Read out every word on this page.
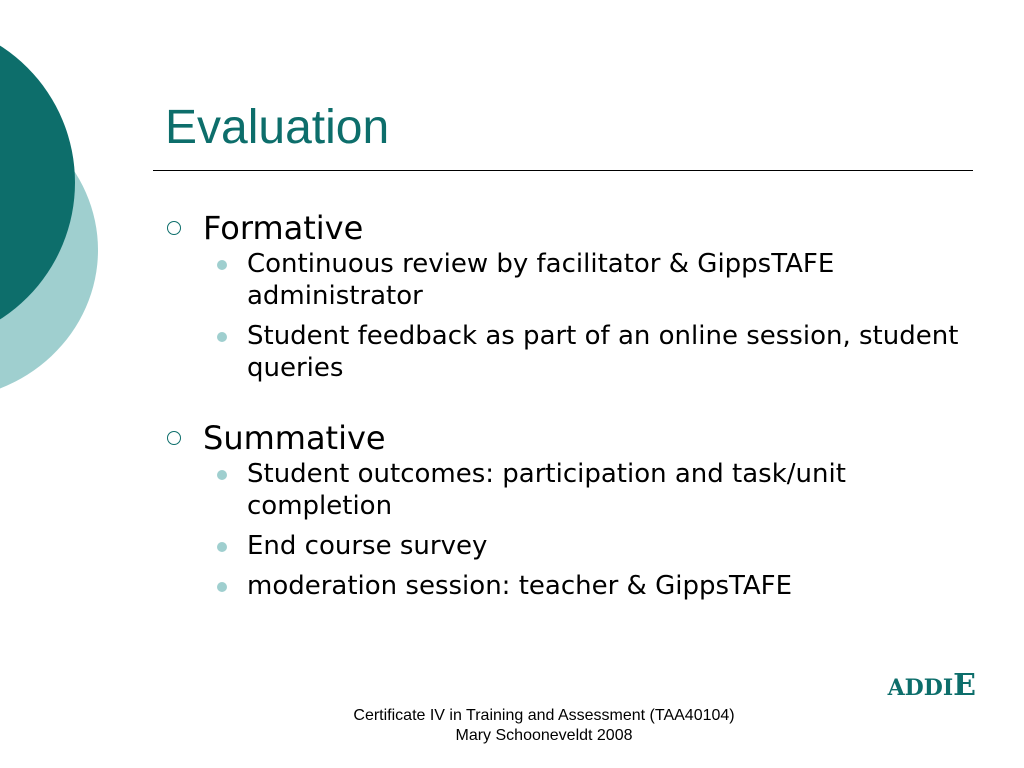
Evaluation
Formative
Continuous review by facilitator & GippsTAFE administrator
Student feedback as part of an online session, student queries
Summative
Student outcomes: participation and task/unit completion
End course survey
moderation session: teacher & GippsTAFE
ADDIE
Certificate IV in Training and Assessment (TAA40104)
Mary Schooneveldt 2008
